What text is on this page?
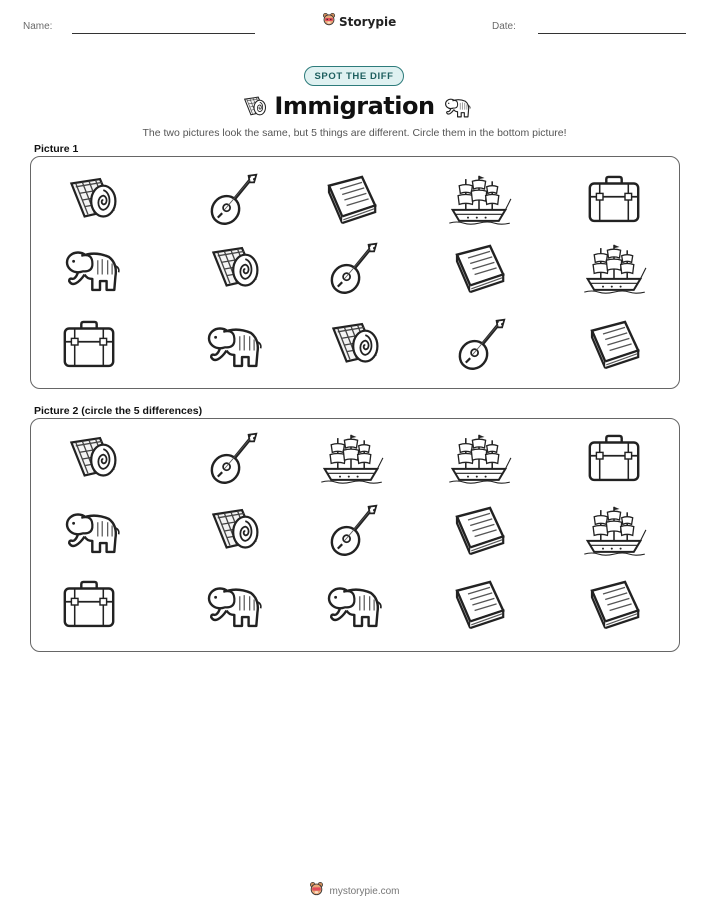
Name:	Storypie	Date:
SPOT THE DIFF
Immigration
The two pictures look the same, but 5 things are different. Circle them in the bottom picture!
Picture 1
Picture 2 (circle the 5 differences)
mystorypie.com
